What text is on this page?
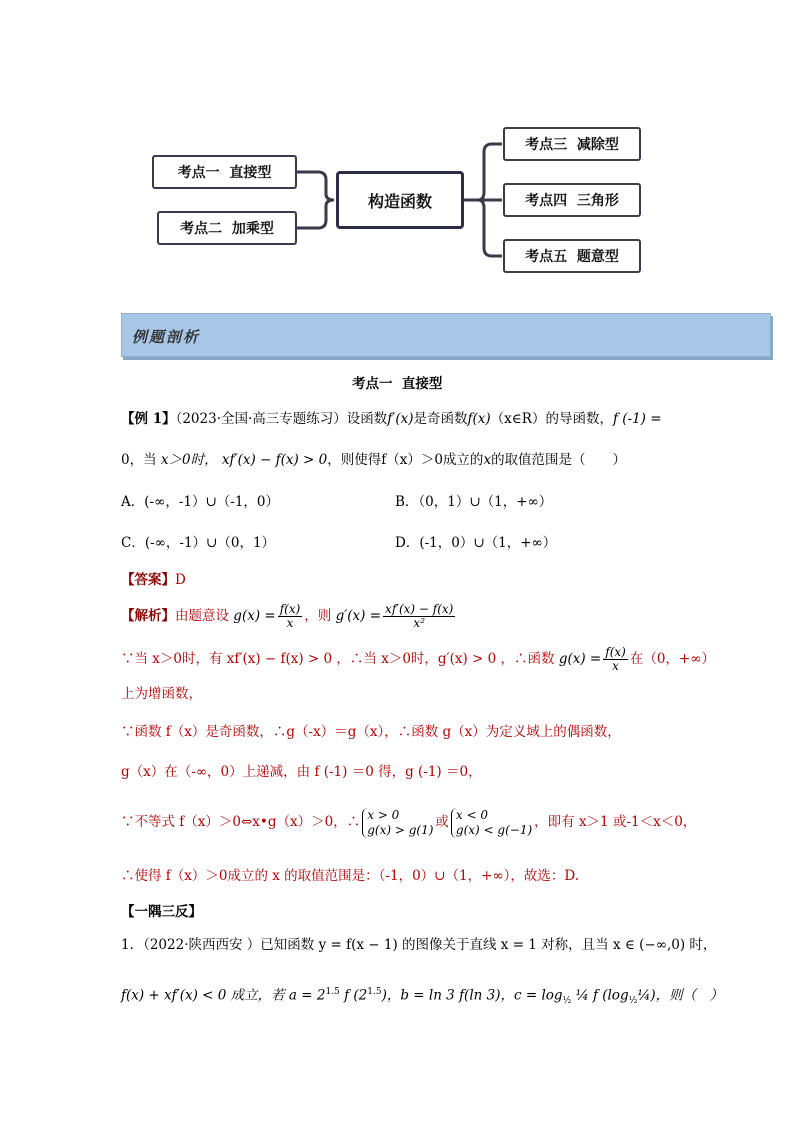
考点一  直接型
考点二  加乘型
构造函数
考点三  减除型
考点四  三角形
考点五  题意型
例题剖析
考点一  直接型
【例 1】（2023·全国·高三专题练习）设函数f′(x)是奇函数f(x)（x∈R）的导函数，f (-1) =
0，当 x＞0时， xf′(x) − f(x) > 0，则使得f（x）＞0成立的x的取值范围是（　　）
A．(-∞，-1）∪（-1，0）	B．（0，1）∪（1，+∞）
C．(-∞，-1）∪（0，1）	D．(-1，0）∪（1，+∞）
【答案】D
【解析】由题意设 $g(x) = \frac{f(x)}{x}$ ，则 $g'(x) = \frac{xf'(x) - f(x)}{\text{x²}}$
∵当 x＞0时，有 xf′(x) − f(x) > 0 ，∴当 x＞0时，g′(x) > 0 ，∴函数 $g(x) = \frac{f(x)}{x}$ 在（0，+∞）
上为增函数，
∵函数 f（x）是奇函数，∴g（-x）＝g（x），∴函数 g（x）为定义域上的偶函数，
g（x）在（-∞，0）上递减，由 f (-1) ＝0 得，g (-1) ＝0，
∵不等式 f（x）＞0⇔x•g（x）＞0，∴ x > 0
g(x) > g(1) 或 x < 0
g(x) < g(−1) ，即有 x＞1 或-1＜x＜0，
∴使得 f（x）＞0成立的 x 的取值范围是：（-1，0）∪（1，+∞），故选：D.
【一隅三反】
1．（2022·陕西西安 ）已知函数 y = f(x − 1) 的图像关于直线 x = 1 对称，且当 x ∈ (−∞,0) 时，
f(x) + xf′(x) < 0 成立，若 $a = 2^{1.5}$ f $(2^{1.5})$，b = ln 3 f(ln 3)，$c = \log_{\frac{1}{2}}$ ¼ f $(\log_{\frac{1}{2}}\frac{1}{4})$，则（　）
